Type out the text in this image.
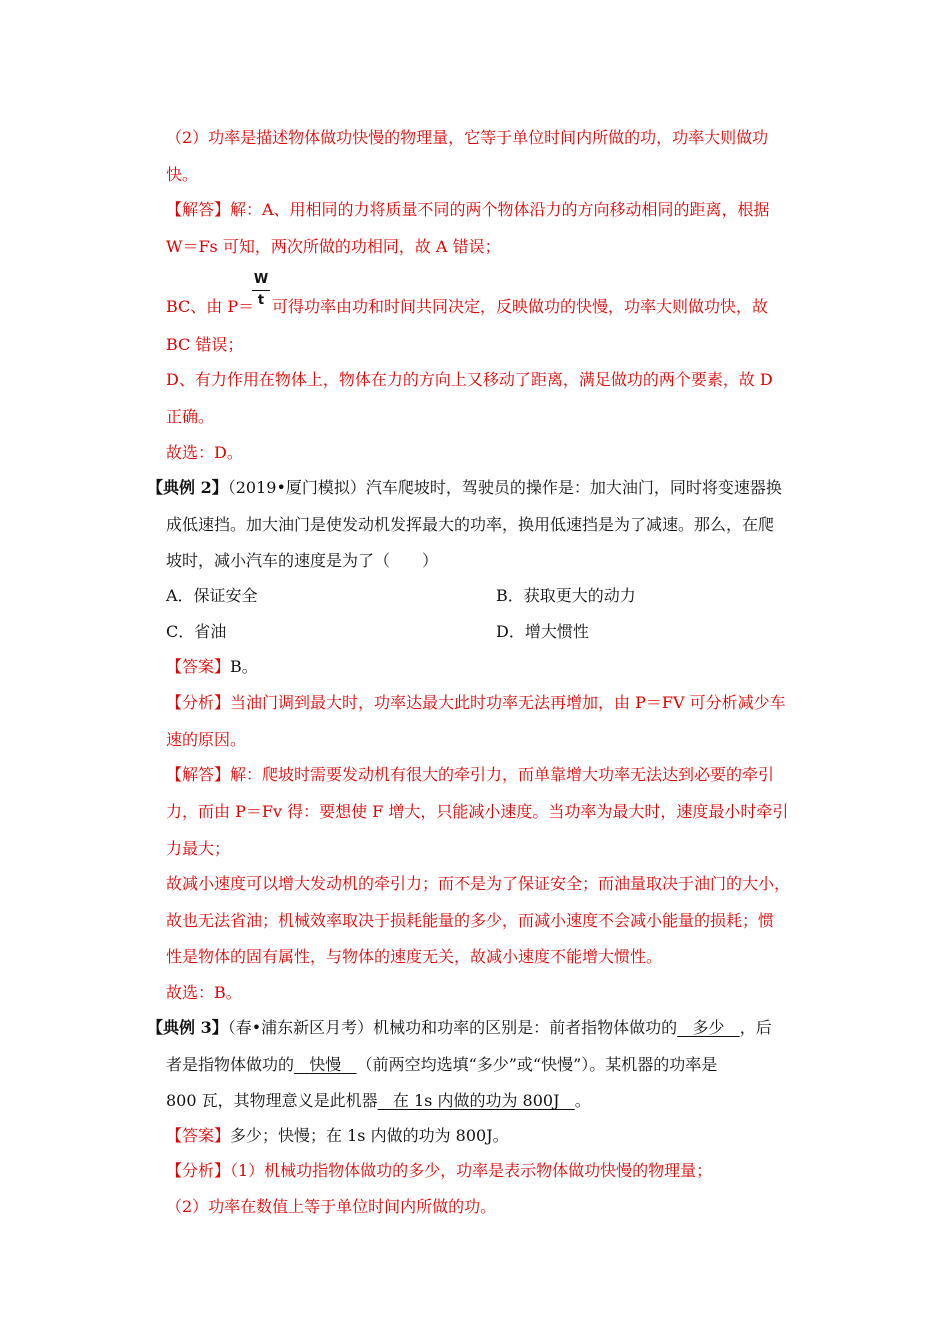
（2）功率是描述物体做功快慢的物理量，它等于单位时间内所做的功，功率大则做功
快。
【解答】解：A、用相同的力将质量不同的两个物体沿力的方向移动相同的距离，根据
W＝Fs 可知，两次所做的功相同，故 A 错误；
W
t
BC、由 P＝ 可得功率由功和时间共同决定，反映做功的快慢，功率大则做功快，故
BC 错误；
D、有力作用在物体上，物体在力的方向上又移动了距离，满足做功的两个要素，故 D
正确。
故选：D。
【典例 2】（2019•厦门模拟）汽车爬坡时，驾驶员的操作是：加大油门，同时将变速器换
成低速挡。加大油门是使发动机发挥最大的功率，换用低速挡是为了减速。那么，在爬
坡时，减小汽车的速度是为了（　　）
A．保证安全	B．获取更大的动力
C．省油	D．增大惯性
【答案】B。
【分析】当油门调到最大时，功率达最大此时功率无法再增加，由 P＝FV 可分析减少车
速的原因。
【解答】解：爬坡时需要发动机有很大的牵引力，而单靠增大功率无法达到必要的牵引
力，而由 P＝Fv 得：要想使 F 增大，只能减小速度。当功率为最大时，速度最小时牵引
力最大；
故减小速度可以增大发动机的牵引力；而不是为了保证安全；而油量取决于油门的大小，
故也无法省油；机械效率取决于损耗能量的多少，而减小速度不会减小能量的损耗；惯
性是物体的固有属性，与物体的速度无关，故减小速度不能增大惯性。
故选：B。
【典例 3】（春•浦东新区月考）机械功和功率的区别是：前者指物体做功的 多少 ，后
者是指物体做功的 快慢 （前两空均选填“多少”或“快慢”）。某机器的功率是
800 瓦，其物理意义是此机器 在 1s 内做的功为 800J 。
【答案】多少；快慢；在 1s 内做的功为 800J。
【分析】（1）机械功指物体做功的多少，功率是表示物体做功快慢的物理量；
（2）功率在数值上等于单位时间内所做的功。
